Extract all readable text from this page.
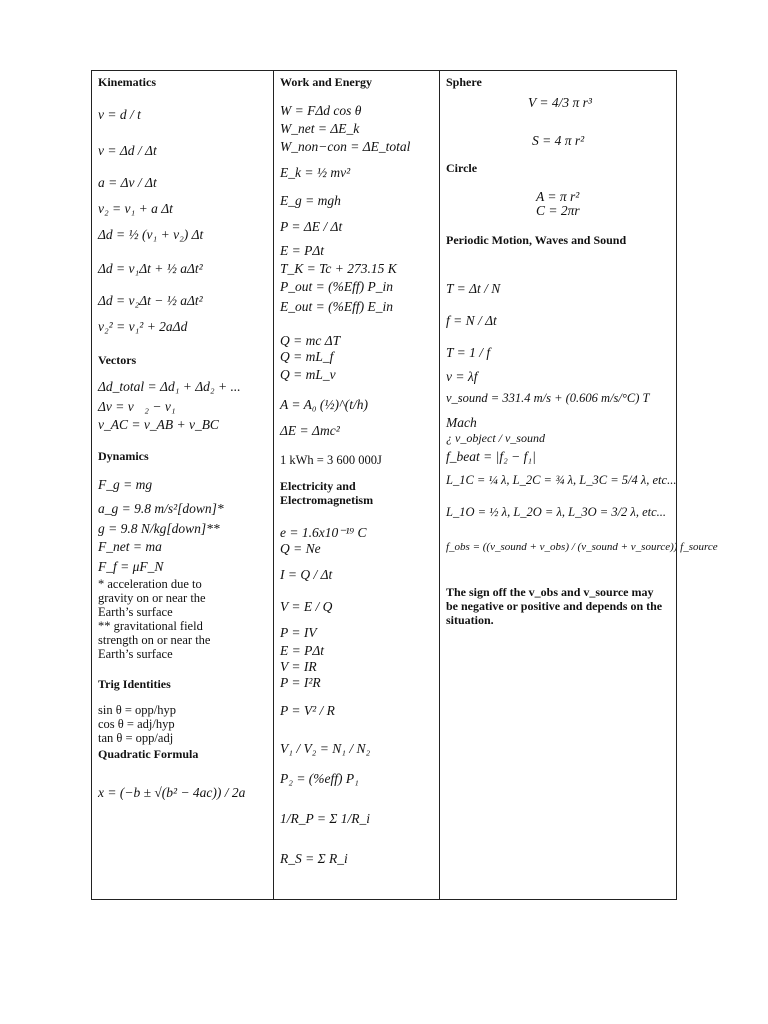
Kinematics
v = d / t
v = Δd / Δt
a = Δv / Δt
v₂ = v₁ + a Δt
Δd = ½ (v₁ + v₂) Δt
Δd = v₁Δt + ½ aΔt²
Δd = v₂Δt − ½ aΔt²
v₂² = v₁² + 2aΔd
Vectors
Δd_total = Δd₁ + Δd₂ + ...
Δv = v⃗₂ − v₁
v_AC = v_AB + v_BC
Dynamics
F_g = mg
a_g = 9.8 m/s²[down]*
g = 9.8 N/kg[down]**
F_net = ma
F_f = μF_N
* acceleration due to
gravity on or near the
Earth’s surface
** gravitational field
strength on or near the
Earth’s surface
Trig Identities
sin θ = opp/hyp
cos θ = adj/hyp
tan θ = opp/adj
Quadratic Formula
x = (−b ± √(b² − 4ac)) / 2a
Work and Energy
W = FΔd cos θ
W_net = ΔE_k
W_non−con = ΔE_total
E_k = ½ mv²
E_g = mgh
P = ΔE / Δt
E = PΔt
T_K = Tc + 273.15 K
P_out = (%Eff) P_in
E_out = (%Eff) E_in
Q = mc ΔT
Q = mL_f
Q = mL_v
A = A₀ (½)^(t/h)
ΔE = Δmc²
1 kWh = 3 600 000J
Electricity and Electromagnetism
e = 1.6x10⁻¹⁹ C
Q = Ne
I = Q / Δt
V = E / Q
P = IV
E = PΔt
V = IR
P = I²R
P = V² / R
V₁ / V₂ = N₁ / N₂
P₂ = (%eff) P₁
1/R_P = Σ 1/R_i
R_S = Σ R_i
Sphere
V = 4/3 π r³
S = 4 π r²
Circle
A = π r²
C = 2πr
Periodic Motion, Waves and Sound
T = Δt / N
f = N / Δt
T = 1 / f
v = λf
v_sound = 331.4 m/s + (0.606 m/s/°C) T
Mach
¿ v_object / v_sound
f_beat = |f₂ − f₁|
L_1C = ¼ λ, L_2C = ¾ λ, L_3C = 5/4 λ, etc...
L_1O = ½ λ, L_2O = λ, L_3O = 3/2 λ, etc...
f_obs = ((v_sound + v_obs) / (v_sound + v_source)) f_source
The sign off the v_obs and v_source may be negative or positive and depends on the situation.
